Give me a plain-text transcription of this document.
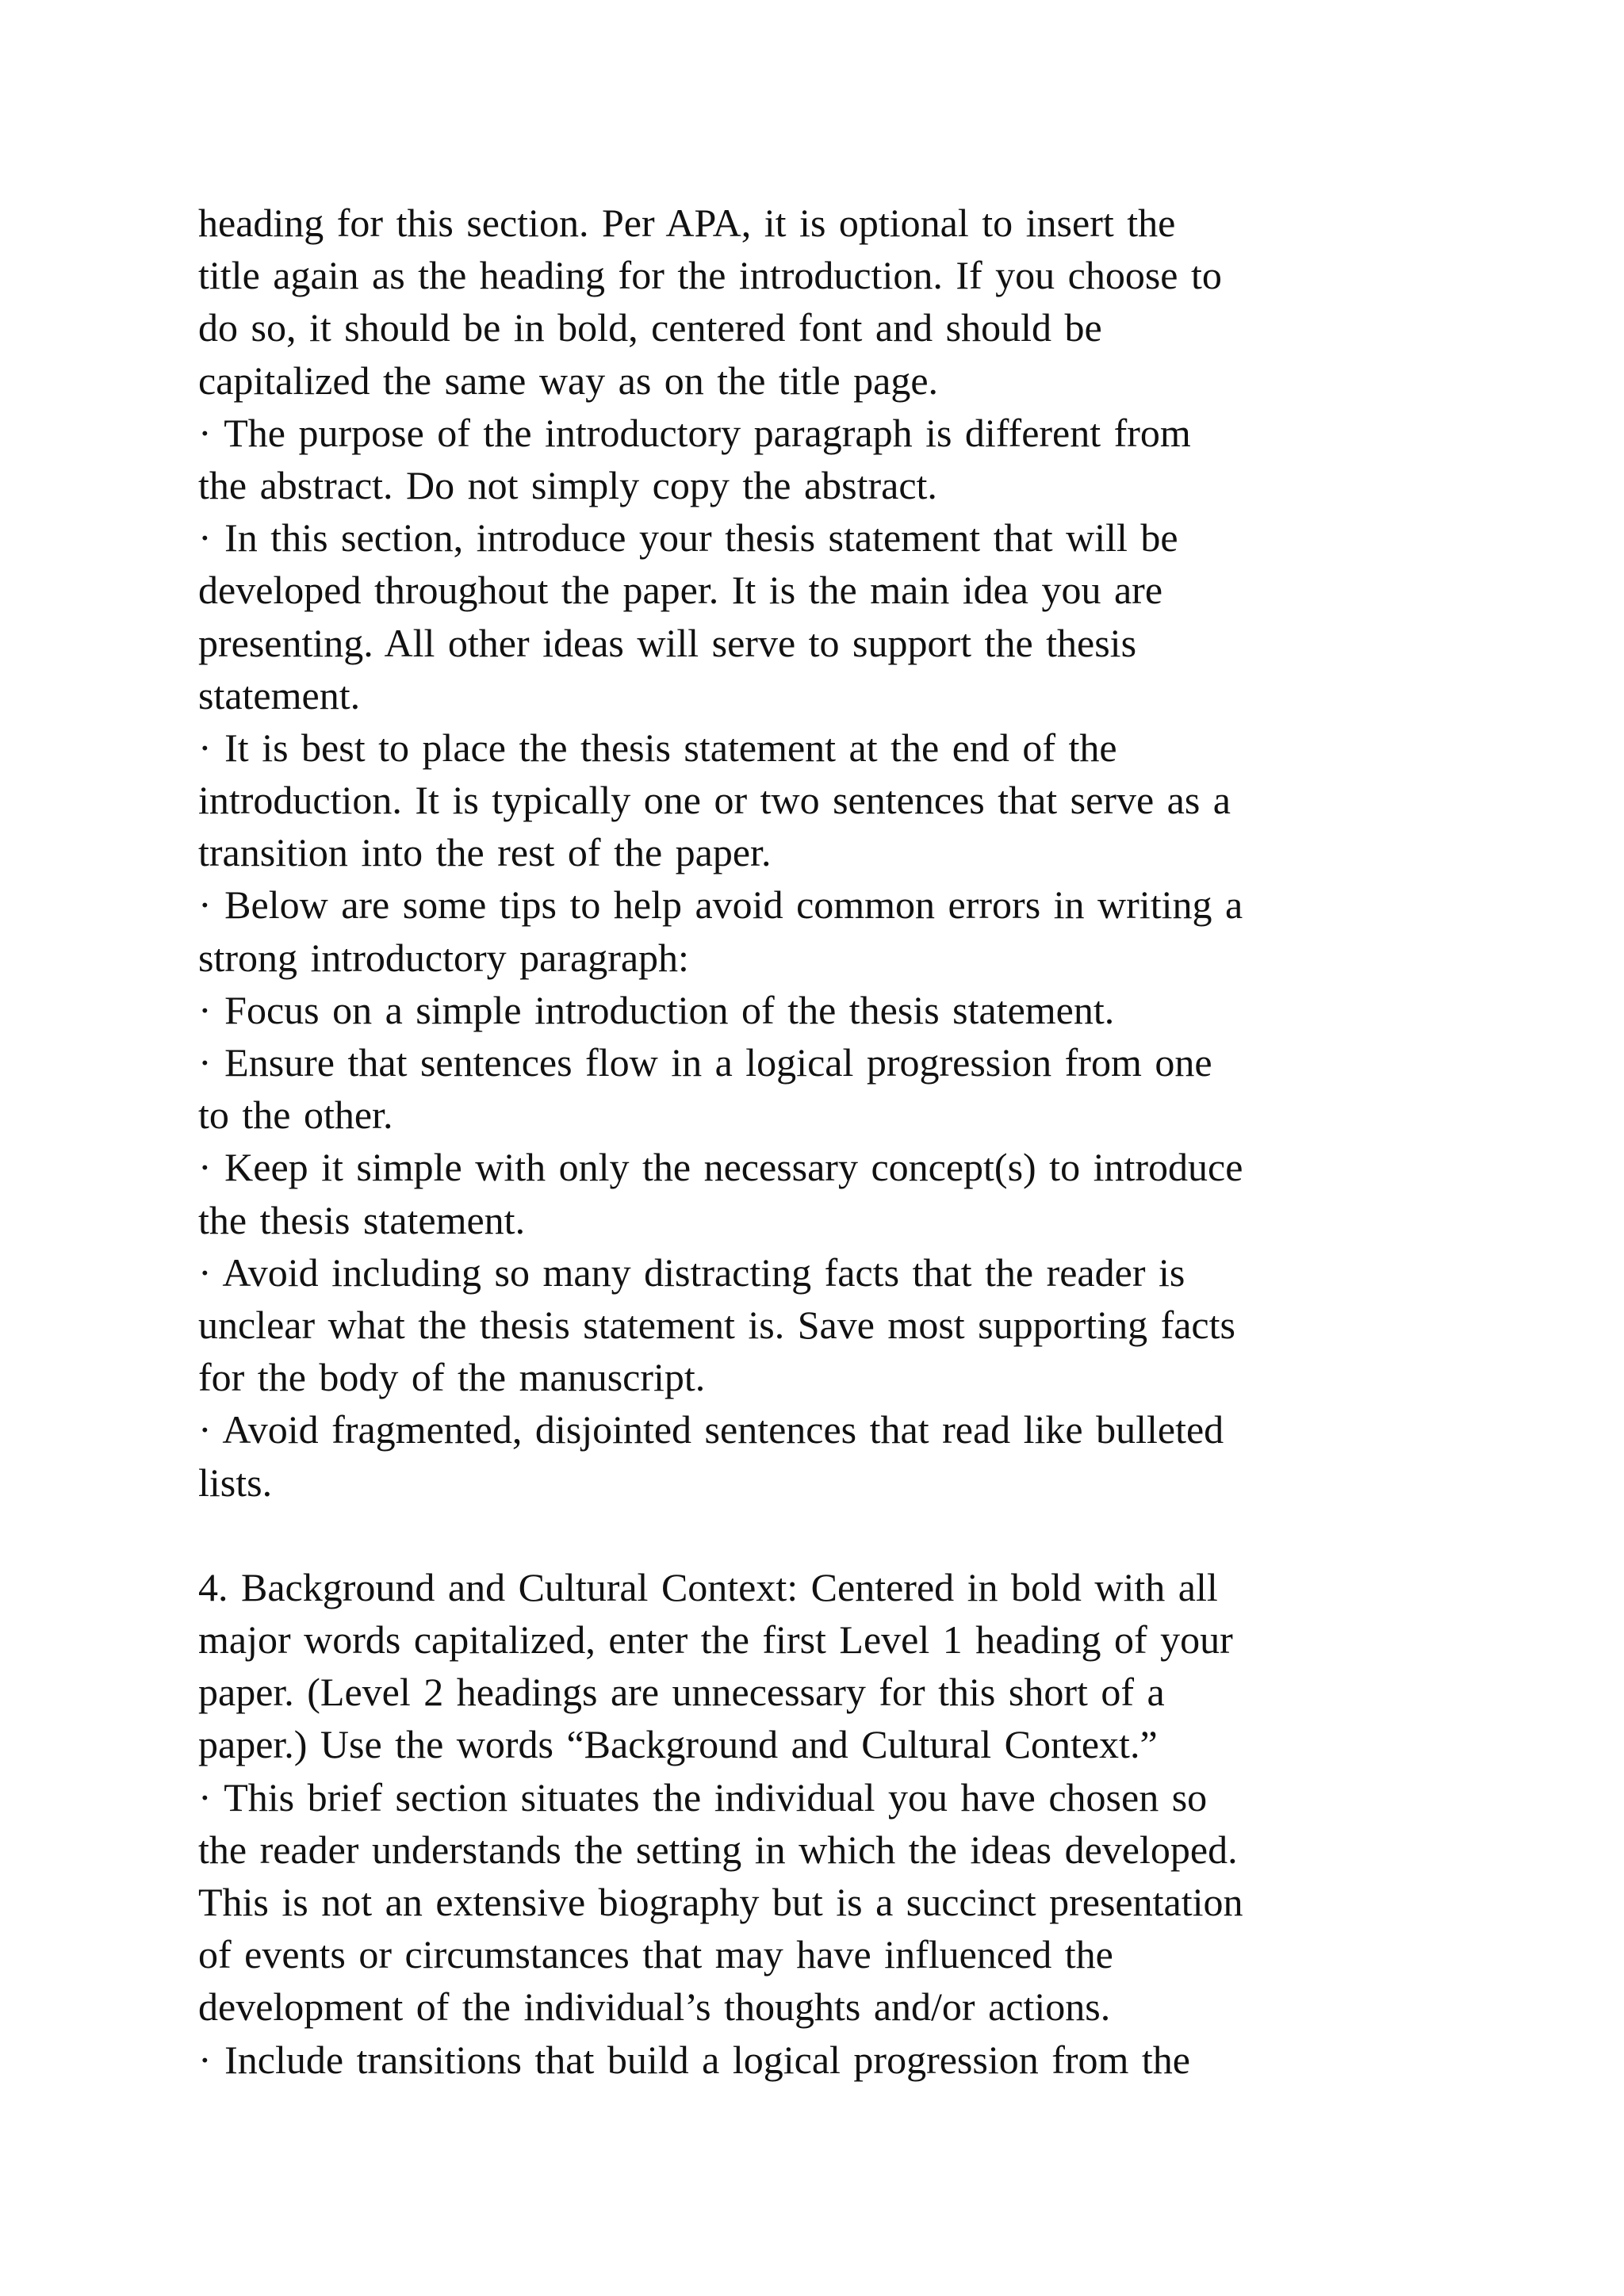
heading for this section. Per APA, it is optional to insert the
title again as the heading for the introduction. If you choose to
do so, it should be in bold, centered font and should be
capitalized the same way as on the title page.
· The purpose of the introductory paragraph is different from
the abstract. Do not simply copy the abstract.
· In this section, introduce your thesis statement that will be
developed throughout the paper. It is the main idea you are
presenting. All other ideas will serve to support the thesis
statement.
· It is best to place the thesis statement at the end of the
introduction. It is typically one or two sentences that serve as a
transition into the rest of the paper.
· Below are some tips to help avoid common errors in writing a
strong introductory paragraph:
· Focus on a simple introduction of the thesis statement.
· Ensure that sentences flow in a logical progression from one
to the other.
· Keep it simple with only the necessary concept(s) to introduce
the thesis statement.
· Avoid including so many distracting facts that the reader is
unclear what the thesis statement is. Save most supporting facts
for the body of the manuscript.
· Avoid fragmented, disjointed sentences that read like bulleted
lists.
4. Background and Cultural Context: Centered in bold with all
major words capitalized, enter the first Level 1 heading of your
paper. (Level 2 headings are unnecessary for this short of a
paper.) Use the words “Background and Cultural Context.”
· This brief section situates the individual you have chosen so
the reader understands the setting in which the ideas developed.
This is not an extensive biography but is a succinct presentation
of events or circumstances that may have influenced the
development of the individual’s thoughts and/or actions.
· Include transitions that build a logical progression from the
